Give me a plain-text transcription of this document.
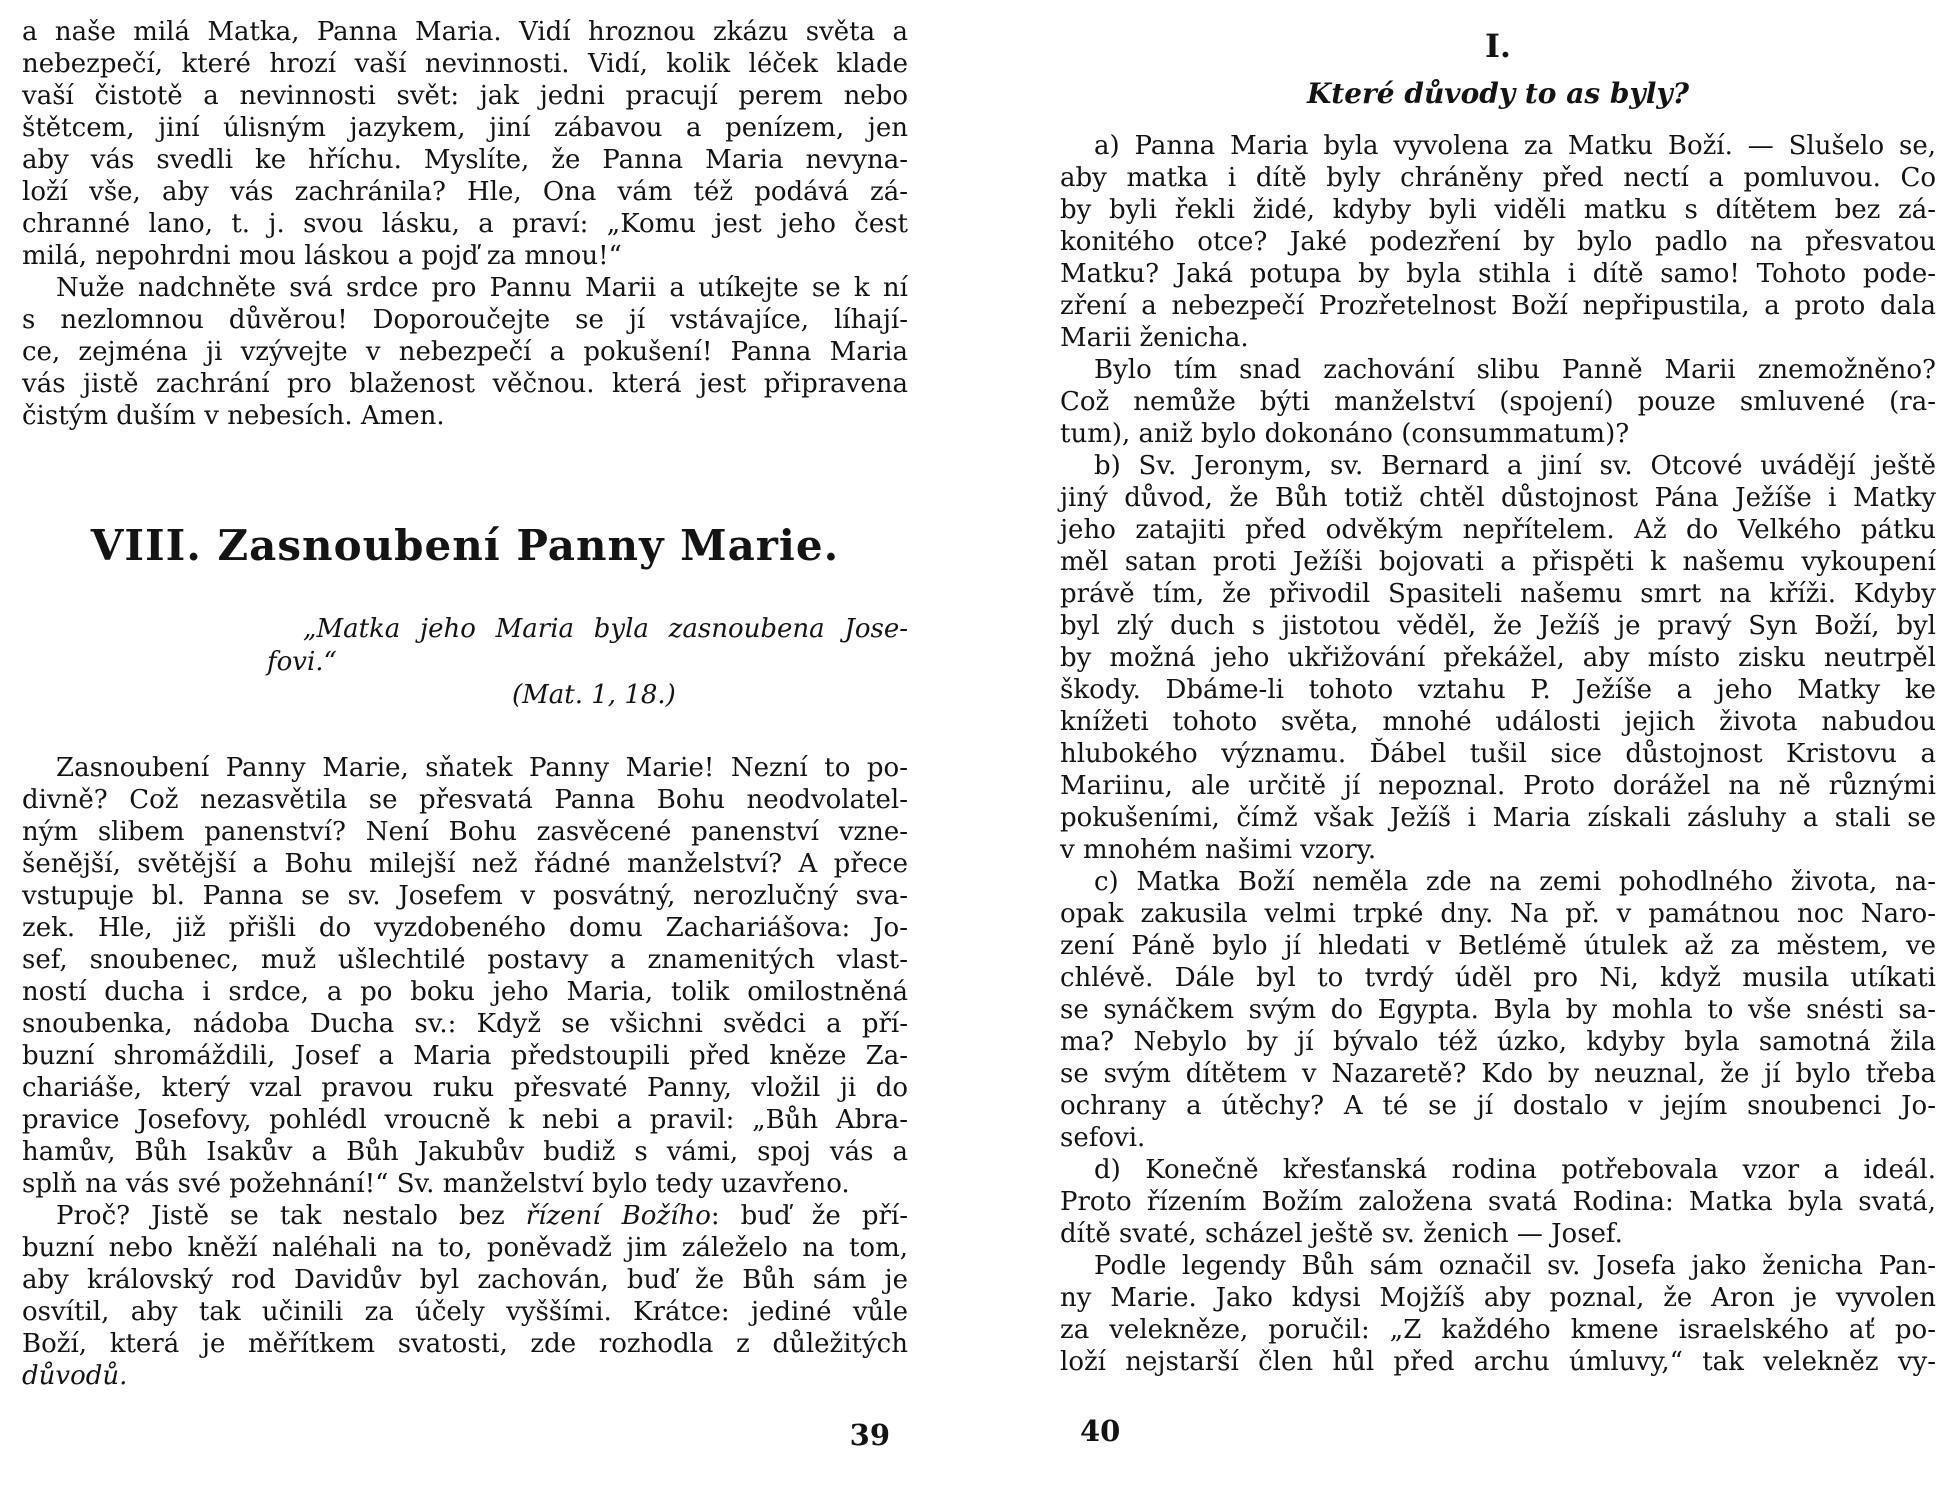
a naše milá Matka, Panna Maria. Vidí hroznou zkázu světa a
nebezpečí, které hrozí vaší nevinnosti. Vidí, kolik léček klade
vaší čistotě a nevinnosti svět: jak jedni pracují perem nebo
štětcem, jiní úlisným jazykem, jiní zábavou a penízem, jen
aby vás svedli ke hříchu. Myslíte, že Panna Maria nevyna-
loží vše, aby vás zachránila? Hle, Ona vám též podává zá-
chranné lano, t. j. svou lásku, a praví: „Komu jest jeho čest
milá, nepohrdni mou láskou a pojď za mnou!“
Nuže nadchněte svá srdce pro Pannu Marii a utíkejte se k ní
s nezlomnou důvěrou! Doporoučejte se jí vstávajíce, líhají-
ce, zejména ji vzývejte v nebezpečí a pokušení! Panna Maria
vás jistě zachrání pro blaženost věčnou. která jest připravena
čistým duším v nebesích. Amen.
VIII. Zasnoubení Panny Marie.
„Matka jeho Maria byla zasnoubena Jose-
fovi.“
(Mat. 1, 18.)
Zasnoubení Panny Marie, sňatek Panny Marie! Nezní to po-
divně? Což nezasvětila se přesvatá Panna Bohu neodvolatel-
ným slibem panenství? Není Bohu zasvěcené panenství vzne-
šenější, světější a Bohu milejší než řádné manželství? A přece
vstupuje bl. Panna se sv. Josefem v posvátný, nerozlučný sva-
zek. Hle, již přišli do vyzdobeného domu Zachariášova: Jo-
sef, snoubenec, muž ušlechtilé postavy a znamenitých vlast-
ností ducha i srdce, a po boku jeho Maria, tolik omilostněná
snoubenka, nádoba Ducha sv.: Když se všichni svědci a pří-
buzní shromáždili, Josef a Maria předstoupili před kněze Za-
chariáše, který vzal pravou ruku přesvaté Panny, vložil ji do
pravice Josefovy, pohlédl vroucně k nebi a pravil: „Bůh Abra-
hamův, Bůh Isakův a Bůh Jakubův budiž s vámi, spoj vás a
splň na vás své požehnání!“ Sv. manželství bylo tedy uzavřeno.
Proč? Jistě se tak nestalo bez řízení Božího: buď že pří-
buzní nebo kněží naléhali na to, poněvadž jim záleželo na tom,
aby královský rod Davidův byl zachován, buď že Bůh sám je
osvítil, aby tak učinili za účely vyššími. Krátce: jediné vůle
Boží, která je měřítkem svatosti, zde rozhodla z důležitých
důvodů.
39
I.
Které důvody to as byly?
a) Panna Maria byla vyvolena za Matku Boží. — Slušelo se,
aby matka i dítě byly chráněny před nectí a pomluvou. Co
by byli řekli židé, kdyby byli viděli matku s dítětem bez zá-
konitého otce? Jaké podezření by bylo padlo na přesvatou
Matku? Jaká potupa by byla stihla i dítě samo! Tohoto pode-
zření a nebezpečí Prozřetelnost Boží nepřipustila, a proto dala
Marii ženicha.
Bylo tím snad zachování slibu Panně Marii znemožněno?
Což nemůže býti manželství (spojení) pouze smluvené (ra-
tum), aniž bylo dokonáno (consummatum)?
b) Sv. Jeronym, sv. Bernard a jiní sv. Otcové uvádějí ještě
jiný důvod, že Bůh totiž chtěl důstojnost Pána Ježíše i Matky
jeho zatajiti před odvěkým nepřítelem. Až do Velkého pátku
měl satan proti Ježíši bojovati a přispěti k našemu vykoupení
právě tím, že přivodil Spasiteli našemu smrt na kříži. Kdyby
byl zlý duch s jistotou věděl, že Ježíš je pravý Syn Boží, byl
by možná jeho ukřižování překážel, aby místo zisku neutrpěl
škody. Dbáme-li tohoto vztahu P. Ježíše a jeho Matky ke
knížeti tohoto světa, mnohé události jejich života nabudou
hlubokého významu. Ďábel tušil sice důstojnost Kristovu a
Mariinu, ale určitě jí nepoznal. Proto dorážel na ně různými
pokušeními, čímž však Ježíš i Maria získali zásluhy a stali se
v mnohém našimi vzory.
c) Matka Boží neměla zde na zemi pohodlného života, na-
opak zakusila velmi trpké dny. Na př. v památnou noc Naro-
zení Páně bylo jí hledati v Betlémě útulek až za městem, ve
chlévě. Dále byl to tvrdý úděl pro Ni, když musila utíkati
se synáčkem svým do Egypta. Byla by mohla to vše snésti sa-
ma? Nebylo by jí bývalo též úzko, kdyby byla samotná žila
se svým dítětem v Nazaretě? Kdo by neuznal, že jí bylo třeba
ochrany a útěchy? A té se jí dostalo v jejím snoubenci Jo-
sefovi.
d) Konečně křesťanská rodina potřebovala vzor a ideál.
Proto řízením Božím založena svatá Rodina: Matka byla svatá,
dítě svaté, scházel ještě sv. ženich — Josef.
Podle legendy Bůh sám označil sv. Josefa jako ženicha Pan-
ny Marie. Jako kdysi Mojžíš aby poznal, že Aron je vyvolen
za velekněze, poručil: „Z každého kmene israelského ať po-
loží nejstarší člen hůl před archu úmluvy,“ tak velekněz vy-
40
